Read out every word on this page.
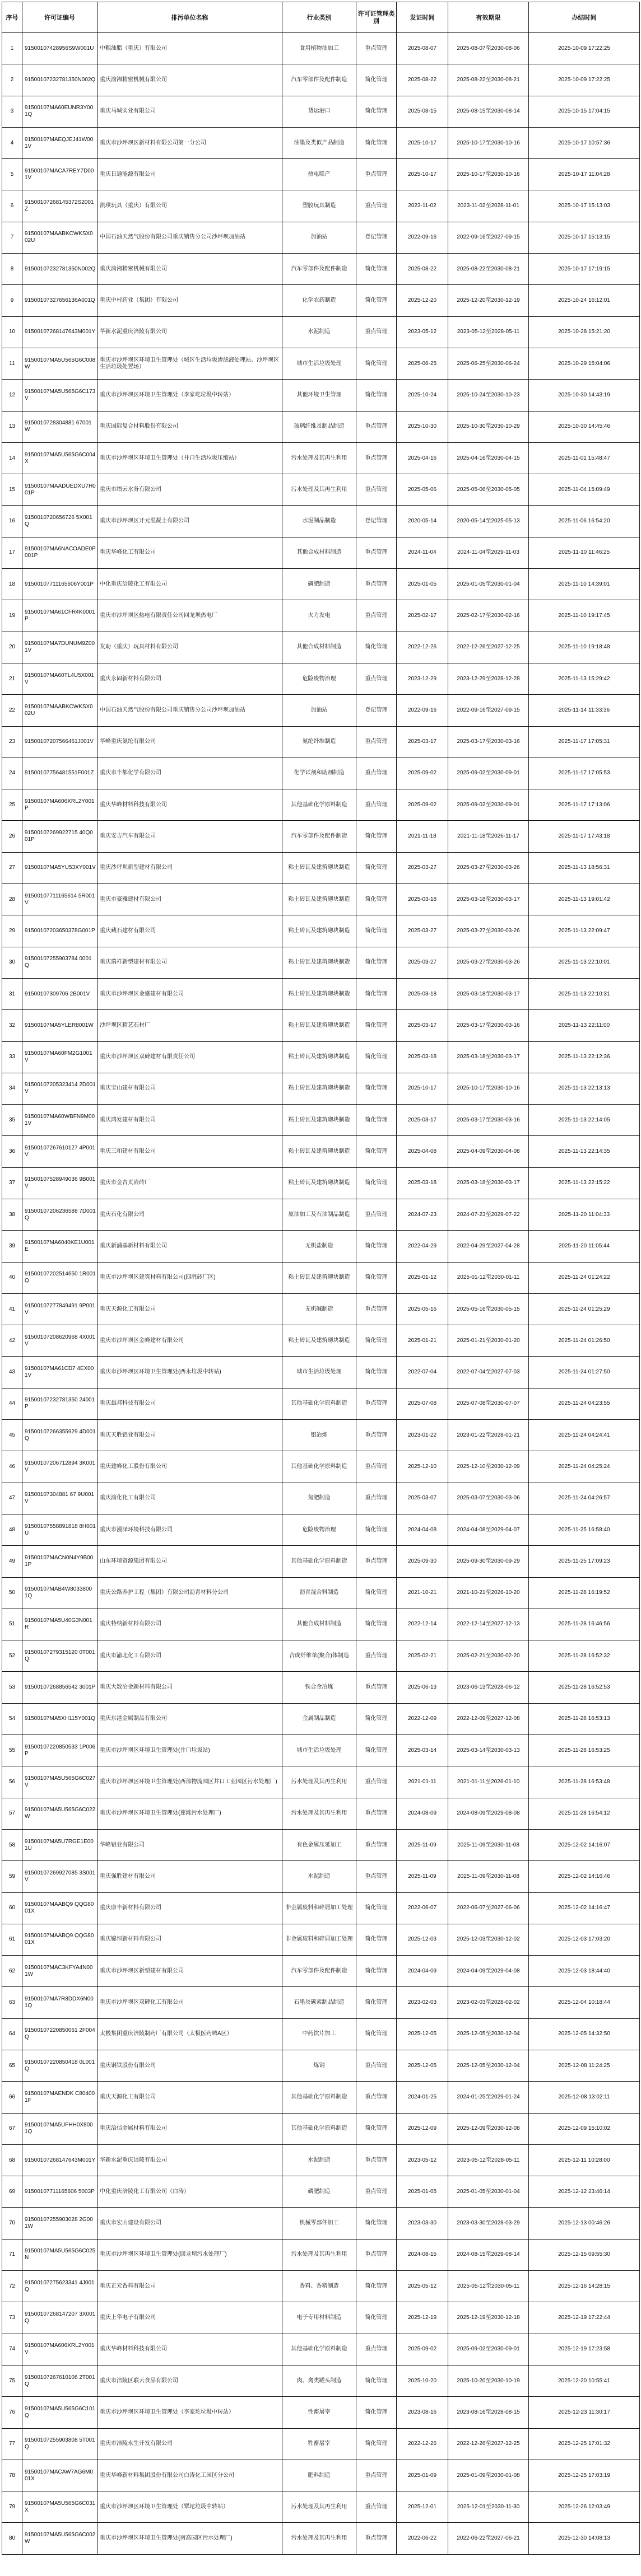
序号	许可证编号	排污单位名称	行业类别	许可证管理类别	发证时间	有效期限	办结时间
1	91500107428956S9W001U	中粮油脂（重庆）有限公司	食用植物油加工	重点管理	2025-08-07	2025-08-07至2030-08-06	2025-10-09 17:22:25
2	91500107232781350N002Q	重庆渝湘精密机械有限公司	汽车零部件及配件制造	简化管理	2025-08-22	2025-08-22至2030-08-21	2025-10-09 17:22:25
3	91500107MA60EUNR3Y001Q	重庆马城实业有限公司	货运港口	简化管理	2025-08-15	2025-08-15至2030-08-14	2025-10-15 17:04:15
4	91500107MAEQJEJ41W001V	重庆市沙坪坝区新材料有限公司第一分公司	油墨及类似产品制造	简化管理	2025-10-17	2025-10-17至2030-10-16	2025-10-17 10:57:36
5	91500107MACA7REY7D001V	重庆日通能源有限公司	热电联产	重点管理	2025-10-17	2025-10-17至2030-10-16	2025-10-17 11:04:28
6	91500107268145372S2001Z	凯琪玩具（重庆）有限公司	塑胶玩具制造	重点管理	2023-11-02	2023-11-02至2028-11-01	2025-10-17 15:13:03
7	91500107MAABKCWKSX002U	中国石油天然气股份有限公司重庆销售分公司沙坪坝加油站	加油站	登记管理	2022-09-16	2022-09-16至2027-09-15	2025-10-17 15:13:15
8	91500107232781350N002Q	重庆渝湘精密机械有限公司	汽车零部件及配件制造	简化管理	2025-08-22	2025-08-22至2030-08-21	2025-10-17 17:19:15
9	91500107327656136A001Q	重庆中村药业（集团）有限公司	化学农药制造	简化管理	2025-12-20	2025-12-20至2030-12-19	2025-10-24 16:12:01
10	91500107268147643M001Y	华新水泥重庆涪陵有限公司	水泥制造	重点管理	2023-05-12	2023-05-12至2028-05-11	2025-10-28 15:21:20
11	91500107MA5U565G6C008W	重庆市沙坪坝区环境卫生管理处（城区生活垃圾渗滤液处理站、沙坪坝区生活垃圾处置场）	城市生活垃圾处理	简化管理	2025-06-25	2025-06-25至2030-06-24	2025-10-29 15:04:06
12	91500107MA5U565G6C173V	重庆市沙坪坝区环境卫生管理处（李家坨垃圾中转站）	其他环境卫生管理	简化管理	2025-10-24	2025-10-24至2030-10-23	2025-10-30 14:43:19
13	9150010728304881 67001W	重庆国际复合材料股份有限公司	玻璃纤维及制品制造	重点管理	2025-10-30	2025-10-30至2030-10-29	2025-10-30 14:45:46
14	91500107MA5U565G6C004X	重庆市沙坪坝区环境卫生管理处（井口生活垃圾压缩站）	污水处理及其再生利用	重点管理	2025-04-16	2025-04-16至2030-04-15	2025-11-01 15:48:47
15	91500107MAADUEDXU7H001P	重庆市缙云水务有限公司	污水处理及其再生利用	重点管理	2025-05-06	2025-05-06至2030-05-05	2025-11-04 15:09:49
16	9150010720656726 5X001Q	重庆市沙坪坝区开元混凝土有限公司	水泥制品制造	登记管理	2020-05-14	2020-05-14至2025-05-13	2025-11-06 16:54:20
17	91500107MA6NACOADE0P001P	重庆华峰化工有限公司	其他合成材料制造	重点管理	2024-11-04	2024-11-04至2029-11-03	2025-11-10 11:46:25
18	91500107711165606Y001P	中化重庆涪陵化工有限公司	磷肥制造	重点管理	2025-01-05	2025-01-05至2030-01-04	2025-11-10 14:39:01
19	91500107MA61CFR4K0001P	重庆市沙坪坝区热电有限责任公司回龙坝热电厂	火力发电	重点管理	2025-02-17	2025-02-17至2030-02-16	2025-11-10 19:17:45
20	91500107MA7DUNUM9Z001V	友助（重庆）玩具材料有限公司	其他合成材料制造	简化管理	2022-12-26	2022-12-26至2027-12-25	2025-11-10 19:18:48
21	91500107MA60TL4U5X001V	重庆永固新材料有限公司	危险废物治理	重点管理	2023-12-29	2023-12-29至2028-12-28	2025-11-13 15:29:42
22	91500107MAABKCWKSX002U	中国石油天然气股份有限公司重庆销售分公司沙坪坝加油站	加油站	登记管理	2022-09-16	2022-09-16至2027-09-15	2025-11-14 11:33:36
23	91500107207566461J001V	华峰重庆氨纶有限公司	氨纶纤维制造	重点管理	2025-03-17	2025-03-17至2030-03-16	2025-11-17 17:05:31
24	91500107756481551F001Z	重庆市丰都化学有限公司	化学试剂和助剂制造	重点管理	2025-09-02	2025-09-02至2030-09-01	2025-11-17 17:05:53
25	91500107MA606XRL2Y001P	重庆华峰材料科技有限公司	其他基础化学原料制造	重点管理	2025-09-02	2025-09-02至2030-09-01	2025-11-17 17:13:06
26	91500107269922715 40Q001P	重庆安吉汽车有限公司	汽车零部件及配件制造	简化管理	2021-11-18	2021-11-18至2026-11-17	2025-11-17 17:43:18
27	91500107MA5YU53XY001V	重庆沙坪坝新型建材有限公司	粘土砖瓦及建筑砌块制造	简化管理	2025-03-27	2025-03-27至2030-03-26	2025-11-13 18:56:31
28	91500107711165614 5R001V	重庆市豪雅建材有限公司	粘土砖瓦及建筑砌块制造	简化管理	2025-03-18	2025-03-18至2030-03-17	2025-11-13 19:01:42
29	91500107203650378G001P	重庆藏石建材有限公司	粘土砖瓦及建筑砌块制造	简化管理	2025-03-27	2025-03-27至2030-03-26	2025-11-13 22:09:47
30	91500107255903784 0001Q	重庆瑞祥新型建材有限公司	粘土砖瓦及建筑砌块制造	简化管理	2025-03-27	2025-03-27至2030-03-26	2025-11-13 22:10:01
31	91500107309706 2B001V	重庆市沙坪坝区金盛建材有限公司	粘土砖瓦及建筑砌块制造	简化管理	2025-03-18	2025-03-18至2030-03-17	2025-11-13 22:10:31
32	91500107MA5YLER8001W	沙坪坝区精艺石材厂	粘土砖瓦及建筑砌块制造	简化管理	2025-03-17	2025-03-17至2030-03-16	2025-11-13 22:11:00
33	91500107MA60FM2G1001V	重庆市沙坪坝区双碑建材有限责任公司	粘土砖瓦及建筑砌块制造	简化管理	2025-03-18	2025-03-18至2030-03-17	2025-11-13 22:12:36
34	91500107205323414 2D001V	重庆宝山建材有限公司	粘土砖瓦及建筑砌块制造	简化管理	2025-10-17	2025-10-17至2030-10-16	2025-11-13 22:13:13
35	91500107MA60WBFN9M001V	重庆鸿发建材有限公司	粘土砖瓦及建筑砌块制造	简化管理	2025-03-17	2025-03-17至2030-03-16	2025-11-13 22:14:05
36	91500107267610127 4P001V	重庆三和建材有限公司	粘土砖瓦及建筑砌块制造	简化管理	2025-04-08	2025-04-09至2030-04-08	2025-11-13 22:14:35
37	91500107528949036 9B001V	重庆市金吉页岩砖厂	粘土砖瓦及建筑砌块制造	简化管理	2025-03-18	2025-03-18至2030-03-17	2025-11-13 22:15:22
38	91500107206236588 7D001Q	重庆石化有限公司	原油加工及石油制品制造	重点管理	2024-07-23	2024-07-23至2029-07-22	2025-11-20 11:04:33
39	91500107MA6040KE1U001E	重庆新浦基新材料有限公司	无机盐制造	简化管理	2022-04-29	2022-04-29至2027-04-28	2025-11-20 11:05:44
40	91500107202514650 1R001Q	重庆市沙坪坝区建筑材料有限公司(四胜砖厂区)	粘土砖瓦及建筑砌块制造	简化管理	2025-01-12	2025-01-12至2030-01-11	2025-11-24 01:24:22
41	91500107277849491 9P001V	重庆天源化工有限公司	无机碱制造	重点管理	2025-05-16	2025-05-16至2030-05-15	2025-11-24 01:25:29
42	91500107208620968 4X001V	重庆市沙坪坝区金峰建材有限公司	粘土砖瓦及建筑砌块制造	简化管理	2025-01-21	2025-01-21至2030-01-20	2025-11-24 01:26:50
43	91500107MA61CD7 4EX001V	重庆市沙坪坝区环境卫生管理处(西永垃圾中转站)	城市生活垃圾处理	简化管理	2022-07-04	2022-07-04至2027-07-03	2025-11-24 01:27:50
44	91500107232781350 24001P	重庆雄邦科技有限公司	其他基础化学原料制造	重点管理	2025-07-08	2025-07-08至2030-07-07	2025-11-24 04:23:55
45	91500107266355929 4D001Q	重庆天胜铝业有限公司	铝冶炼	重点管理	2023-01-22	2023-01-22至2028-01-21	2025-11-24 04:24:41
46	91500107206712894 3K001V	重庆建峰化工股份有限公司	其他基础化学原料制造	重点管理	2025-12-10	2025-12-10至2030-12-09	2025-11-24 04:25:24
47	91500107304881 67 9U001V	重庆渝化化工有限公司	氮肥制造	重点管理	2025-03-07	2025-03-07至2030-03-06	2025-11-24 04:26:57
48	91500107558891818 8H001U	重庆市漫泽环境科技有限公司	危险废物治理	简化管理	2024-04-08	2024-04-08至2029-04-07	2025-11-25 16:58:40
49	91500107MACN0N4Y9B001P	山东环境资源集团有限公司	其他基础化学原料制造	重点管理	2025-09-30	2025-09-30至2030-09-29	2025-11-25 17:09:23
50	91500107MAB4W8033800 1Q	重庆公路养护工程（集团）有限公司沥青材料分公司	沥青混合料制造	简化管理	2021-10-21	2021-10-21至2026-10-20	2025-11-28 16:19:52
51	91500107MA5U40G3N001R	重庆特纳新材料有限公司	其他合成材料制造	简化管理	2022-12-14	2022-12-14至2027-12-13	2025-11-28 16:46:56
52	91500107279315120 0T001Q	重庆市渝北化工有限公司	合成纤维单(聚合)体制造	重点管理	2025-02-21	2025-02-21至2030-02-20	2025-11-28 16:52:32
53	91500107268856542 3001P	重庆大数冶金新材料有限公司	铁合金冶炼	重点管理	2025-06-13	2023-06-13至2028-06-12	2025-11-28 16:52:53
54	91500107MA5XH115Y001Q	重庆东港金属制品有限公司	金属制品制造	简化管理	2022-12-09	2022-12-09至2027-12-08	2025-11-28 16:53:13
55	91500107220850533 1P006P	重庆市沙坪坝区环境卫生管理处(井口垃圾站)	城市生活垃圾处理	简化管理	2025-03-14	2025-03-14至2030-03-13	2025-11-28 16:53:25
56	91500107MA5U565G6C027V	重庆市沙坪坝区环境卫生管理处(西部物流园区井口工业园区污水处理厂)	污水处理及其再生利用	重点管理	2021-01-11	2021-01-11至2026-01-10	2025-11-28 16:53:48
57	91500107MA5U565G6C022W	重庆市沙坪坝区环境卫生管理处(莲滩污水处理厂)	污水处理及其再生利用	重点管理	2024-08-09	2024-08-09至2029-08-08	2025-11-28 16:54:12
58	91500107MA5U7RGE1E001U	华峰铝业有限公司	有色金属压延加工	重点管理	2025-11-09	2025-11-09至2030-11-08	2025-12-02 14:16:07
59	91500107269927085 3S001V	重庆强胜建材有限公司	水泥制造	重点管理	2025-11-09	2025-11-09至2030-11-08	2025-12-02 14:16:46
60	91500107MAABQ9 QQG8001X	重庆康丰新材料有限公司	非金属废料和碎屑加工处理	简化管理	2022-06-07	2022-06-07至2027-06-06	2025-12-02 14:16:47
61	91500107MAABQ9 QQG8001X	重庆锦恒新材料有限公司	非金属废料和碎屑加工处理	简化管理	2025-12-03	2025-12-03至2030-12-02	2025-12-03 17:03:20
62	91500107MAC3KFYA4N001W	重庆市沙坪坝区新型建材有限公司	汽车零部件及配件制造	简化管理	2024-04-09	2024-04-09至2029-04-08	2025-12-03 18:44:40
63	91500107MA7R8DDX6N001Q	重庆市沙坪坝区双碑化工有限公司	石墨及碳素制品制造	简化管理	2023-02-03	2023-02-03至2028-02-02	2025-12-04 10:18:44
64	91500107220850061 2F004Q	太极集团重庆涪陵制药厂有限公司（太极医药城A区）	中药饮片加工	简化管理	2025-12-05	2025-12-05至2030-12-04	2025-12-05 14:32:50
65	91500107220850418 0L001Q	重庆钢铁股份有限公司	炼钢	重点管理	2025-12-05	2025-12-05至2030-12-04	2025-12-08 11:24:25
66	91500107MAENDK C804001F	重庆天源化工有限公司	其他基础化学原料制造	重点管理	2024-01-25	2024-01-25至2029-01-24	2025-12-08 13:02:11
67	91500107MA5UFHH0X8001Q	重庆涪信金属材料有限公司	其他基础化学原料制造	简化管理	2025-12-09	2025-12-09至2030-12-08	2025-12-09 15:10:02
68	91500107268147643M001Y	华新水泥重庆涪陵有限公司	水泥制造	重点管理	2023-05-12	2023-05-12至2028-05-11	2025-12-11 10:28:00
69	91500107711165606 5003P	中化重庆涪陵化工有限公司（白涛）	磷肥制造	重点管理	2025-01-05	2025-01-05至2030-01-04	2025-12-12 23:46:14
70	91500107255903028 2G001W	重庆市宏山建设有限公司	机械零部件加工	简化管理	2023-03-30	2023-03-30至2028-03-29	2025-12-13 00:46:26
71	91500107MA5U565G6C025N	重庆市沙坪坝区环境卫生管理处(回龙坝污水处理厂)	污水处理及其再生利用	重点管理	2024-08-15	2024-08-15至2029-08-14	2025-12-15 09:55:30
72	91500107275623341 4J001Q	重庆正元香料有限公司	香料、香精制造	简化管理	2025-05-12	2025-05-12至2030-05-11	2025-12-16 14:28:15
73	91500107268147207 3X001Q	重庆上华电子有限公司	电子专用材料制造	简化管理	2025-12-19	2025-12-19至2030-12-18	2025-12-19 17:22:44
74	91500107MA606XRL2Y001V	重庆华峰材料科技有限公司	其他基础化学原料制造	重点管理	2025-09-02	2025-09-02至2030-09-01	2025-12-19 17:23:58
75	91500107267610106 2T001Q	重庆市涪陵区联云食品有限公司	肉、禽类罐头制造	简化管理	2025-10-20	2025-10-20至2030-10-19	2025-12-20 10:55:41
76	91500107MA5U565G6C101Q	重庆市沙坪坝区环境卫生管理处（李家坨垃圾中转站）	性畜屠宰	简化管理	2023-08-16	2023-08-16至2028-08-15	2025-12-23 11:30:17
77	91500107255903808 5T001Q	重庆市涪陵永生开发有限公司	牲畜屠宰	简化管理	2022-12-26	2022-12-26至2027-12-25	2025-12-25 17:01:32
78	91500107MACAW7AG6M001X	重庆华峰新材料集团股份有限公司白涛化工园区分公司	肥料制造	重点管理	2025-01-09	2025-01-09至2030-01-08	2025-12-25 17:03:19
79	91500107MA5U565G6C031X	重庆市沙坪坝区环境卫生管理处（覃坨垃圾中转站）	污水处理及其再生利用	重点管理	2025-12-01	2025-12-01至2030-11-30	2025-12-26 12:03:49
80	91500107MA5U565G6C002W	重庆市沙坪坝区环境卫生管理处(南高园区污水处理厂)	污水处理及其再生利用	重点管理	2022-06-22	2022-06-22至2027-06-21	2025-12-30 14:08:13
